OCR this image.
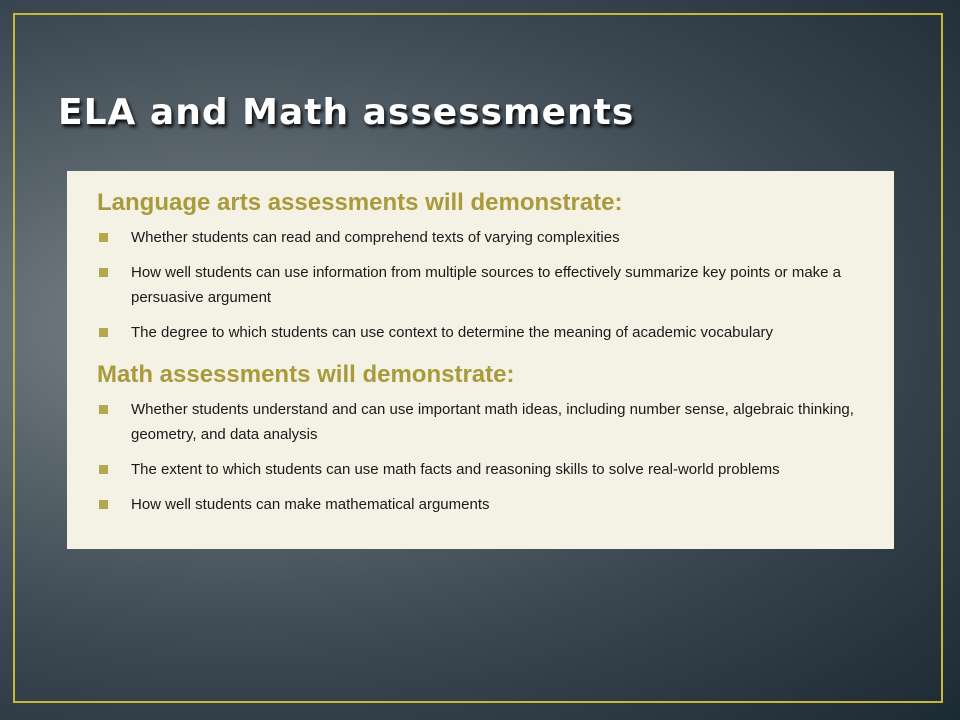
ELA and Math assessments
Language arts assessments will demonstrate:
Whether students can read and comprehend texts of varying complexities
How well students can use information from multiple sources to effectively summarize key points or make a persuasive argument
The degree to which students can use context to determine the meaning of academic vocabulary
Math assessments will demonstrate:
Whether students understand and can use important math ideas, including number sense, algebraic thinking, geometry, and data analysis
The extent to which students can use math facts and reasoning skills to solve real-world problems
How well students can make mathematical arguments
